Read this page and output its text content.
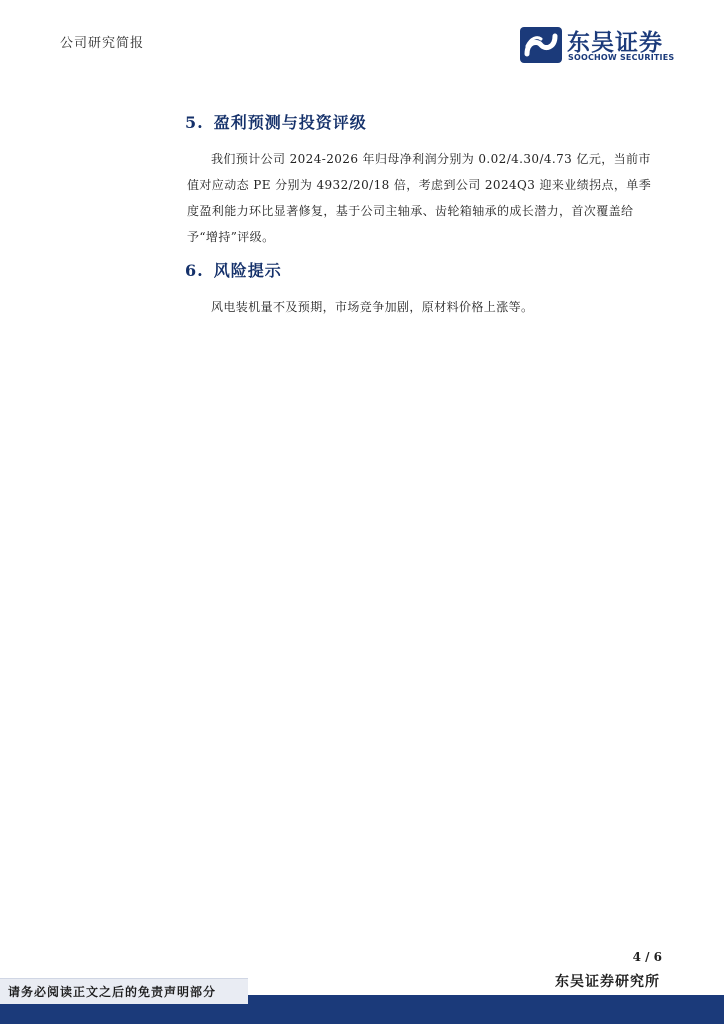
公司研究简报	东吴证券
SOOCHOW SECURITIES
5. 盈利预测与投资评级

我们预计公司 2024-2026 年归母净利润分别为 0.02/4.30/4.73 亿元，当前市值对应动态 PE 分别为 4932/20/18 倍，考虑到公司 2024Q3 迎来业绩拐点，单季度盈利能力环比显著修复，基于公司主轴承、齿轮箱轴承的成长潜力，首次覆盖给予“增持”评级。

6. 风险提示

风电装机量不及预期，市场竞争加剧，原材料价格上涨等。

4 / 6
东吴证券研究所
请务必阅读正文之后的免责声明部分
